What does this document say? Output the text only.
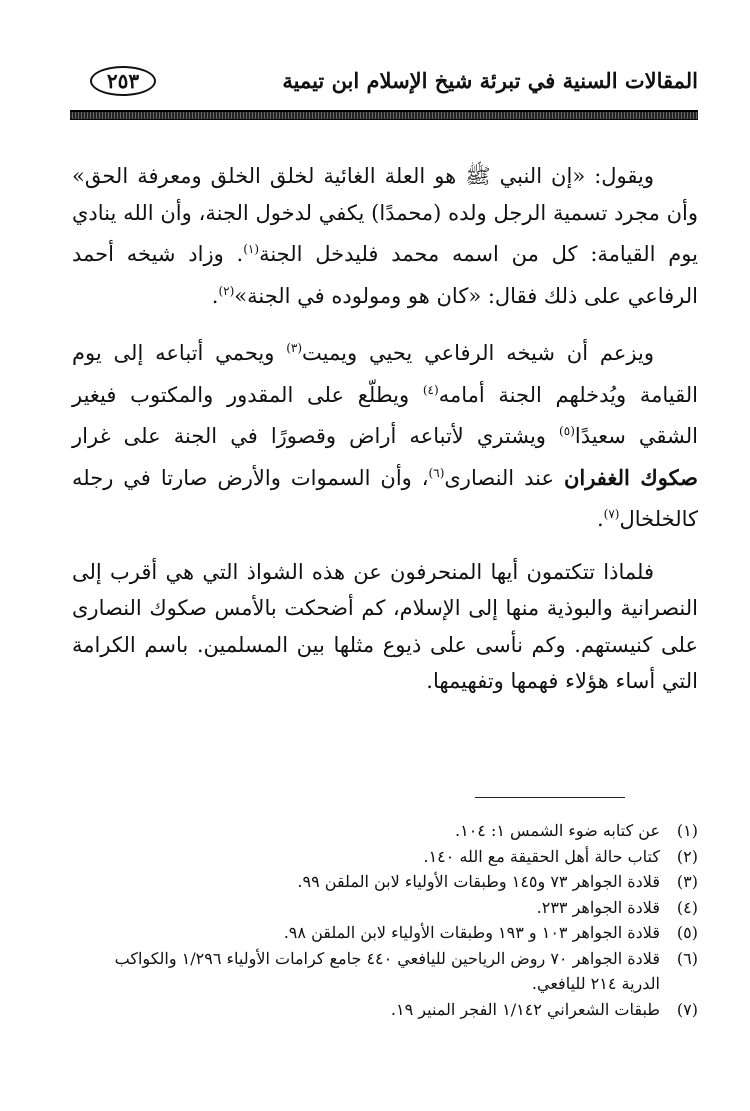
المقالات السنية في تبرئة شيخ الإسلام ابن تيمية
٢٥٣

ويقول: «إن النبي ﷺ هو العلة الغائية لخلق الخلق ومعرفة الحق» وأن مجرد تسمية الرجل ولده (محمدًا) يكفي لدخول الجنة، وأن الله ينادي يوم القيامة: كل من اسمه محمد فليدخل الجنة$^{(١)}$. وزاد شيخه أحمد الرفاعي على ذلك فقال: «كان هو ومولوده في الجنة»$^{(٢)}$.

ويزعم أن شيخه الرفاعي يحيي ويميت$^{(٣)}$ ويحمي أتباعه إلى يوم القيامة ويُدخلهم الجنة أمامه$^{(٤)}$ ويطلّع على المقدور والمكتوب فيغير الشقي سعيدًا$^{(٥)}$ ويشتري لأتباعه أراض وقصورًا في الجنة على غرار صكوك الغفران عند النصارى$^{(٦)}$، وأن السموات والأرض صارتا في رجله كالخلخال$^{(٧)}$.

فلماذا تتكتمون أيها المنحرفون عن هذه الشواذ التي هي أقرب إلى النصرانية والبوذية منها إلى الإسلام، كم أضحكت بالأمس صكوك النصارى على كنيستهم. وكم نأسى على ذيوع مثلها بين المسلمين. باسم الكرامة التي أساء هؤلاء فهمها وتفهيمها.

(١)
عن كتابه ضوء الشمس ١: ١٠٤.
(٢)
كتاب حالة أهل الحقيقة مع الله ١٤٠.
(٣)
قلادة الجواهر ٧٣ و١٤٥ وطبقات الأولياء لابن الملقن ٩٩.
(٤)
قلادة الجواهر ٢٣٣.
(٥)
قلادة الجواهر ١٠٣ و ١٩٣ وطبقات الأولياء لابن الملقن ٩٨.
(٦)
قلادة الجواهر ٧٠ روض الرياحين لليافعي ٤٤٠ جامع كرامات الأولياء ١/٢٩٦ والكواكب الدرية ٢١٤ لليافعي.
(٧)
طبقات الشعراني ١/١٤٢ الفجر المنير ١٩.
